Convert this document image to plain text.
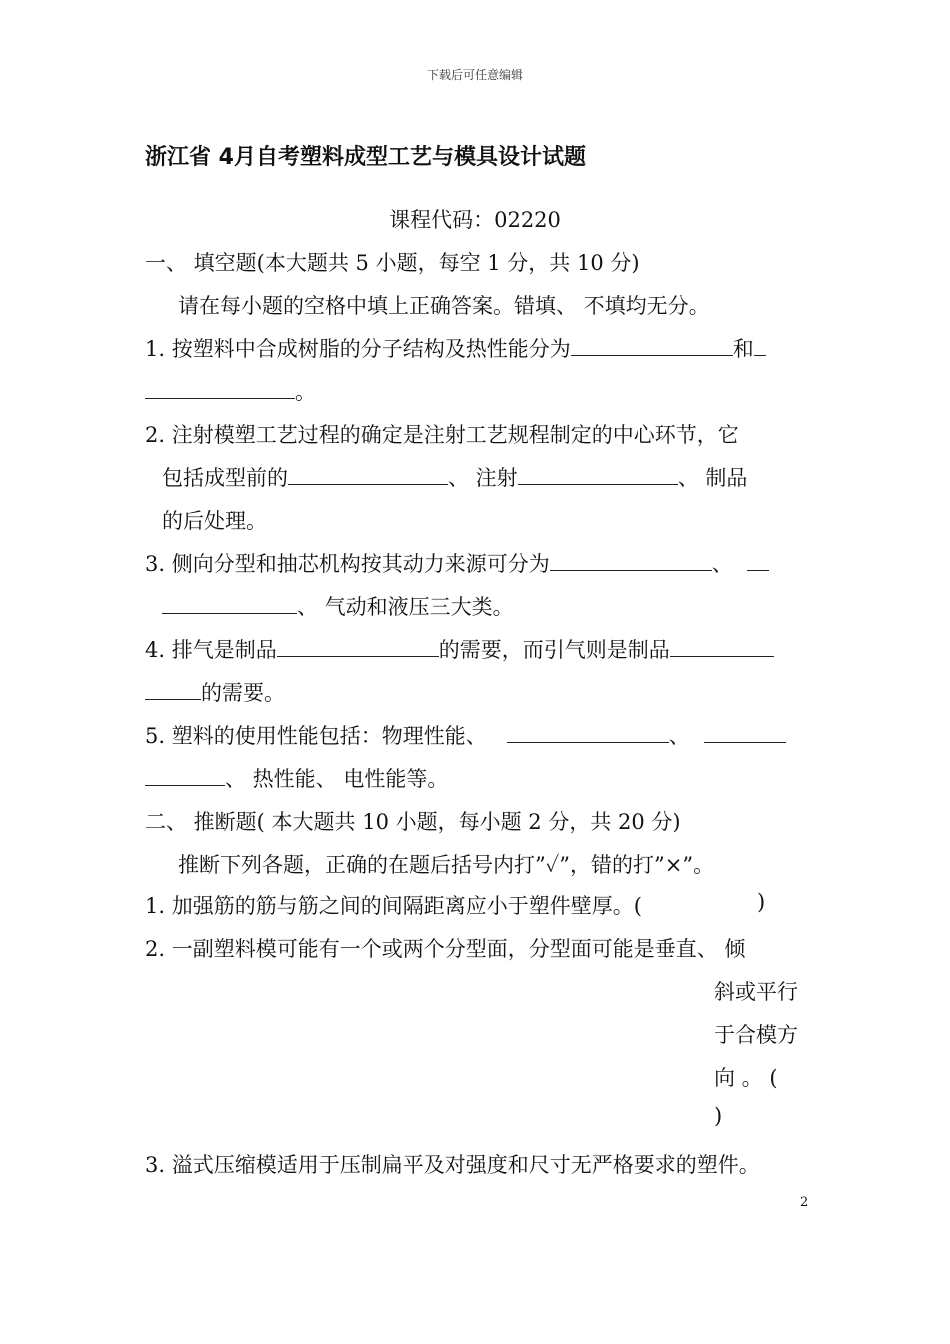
下载后可任意编辑
浙江省 4月自考塑料成型工艺与模具设计试题
课程代码：02220
一、 填空题(本大题共 5 小题，每空 1 分，共 10 分)
请在每小题的空格中填上正确答案。错填、 不填均无分。
1. 按塑料中合成树脂的分子结构及热性能分为	和
。
2. 注射模塑工艺过程的确定是注射工艺规程制定的中心环节，它
包括成型前的	、 注射	、 制品
的后处理。
3. 侧向分型和抽芯机构按其动力来源可分为	、
、 气动和液压三大类。
4. 排气是制品	的需要，而引气则是制品
的需要。
5. 塑料的使用性能包括：物理性能、	、
、 热性能、 电性能等。
二、 推断题( 本大题共 10 小题，每小题 2 分，共 20 分)
推断下列各题，正确的在题后括号内打”✓”，错的打”×”。
1. 加强筋的筋与筋之间的间隔距离应小于塑件壁厚。(	)
2. 一副塑料模可能有一个或两个分型面，分型面可能是垂直、 倾
斜或平行
于合模方
向 。 (
)
3. 溢式压缩模适用于压制扁平及对强度和尺寸无严格要求的塑件。
2
